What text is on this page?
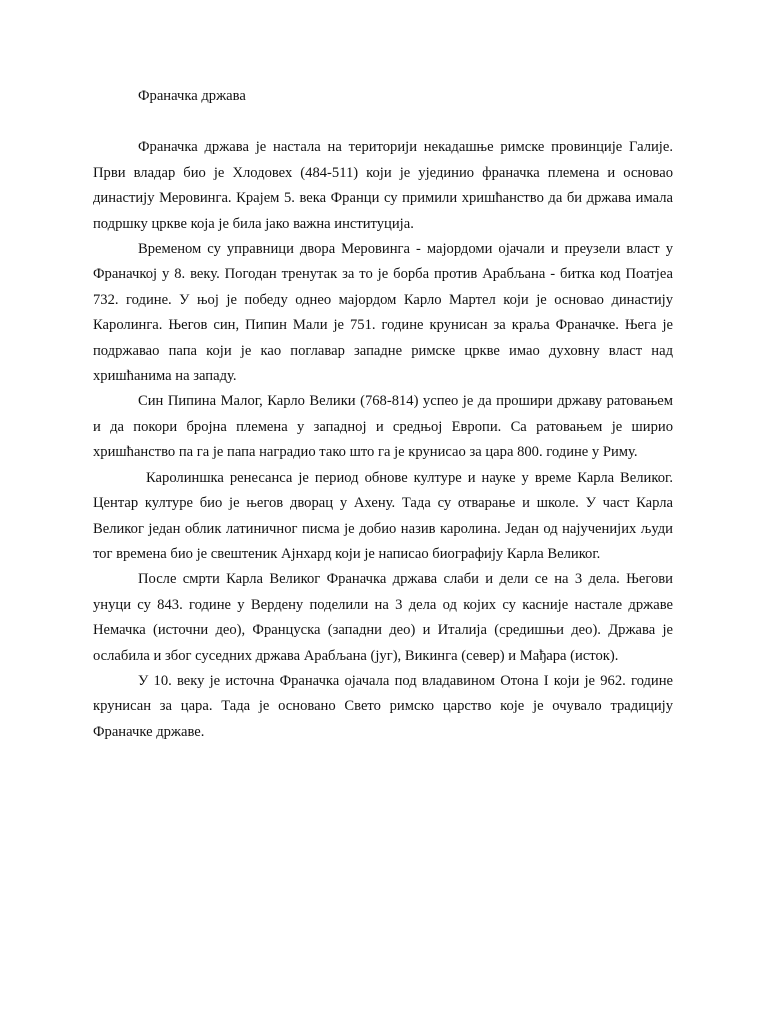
Франачка држава

Франачка држава је настала на територији некадашње римске провинције Галије. Први владар био је Хлодовех (484-511) који је ујединио франачка племена и основао династију Меровинга. Крајем 5. века Франци су примили хришћанство да би држава имала подршку цркве која је била јако важна институција.

Временом су управници двора Меровинга - мајордоми ојачали и преузели власт у Франачкој у 8. веку. Погодан тренутак за то је борба против Арабљана - битка код Поатјеа 732. године. У њој је победу однео мајордом Карло Мартел који је основао династију Каролинга. Његов син, Пипин Мали је 751. године крунисан за краља Франачке. Њега је подржавао папа који је као поглавар западне римске цркве имао духовну власт над хришћанима на западу.

Син Пипина Малог, Карло Велики (768-814) успео је да прошири државу ратовањем и да покори бројна племена у западној и средњој Европи. Са ратовањем је ширио хришћанство па га је папа наградио тако што га је крунисао за цара 800. године у Риму.

Каролиншка ренесанса је период обнове културе и науке у време Карла Великог. Центар културе био је његов дворац у Ахену. Тада су отварање и школе. У част Карла Великог један облик латиничног писма је добио назив каролина. Један од најученијих људи тог времена био је свештеник Ајнхард који је написао биографију Карла Великог.

После смрти Карла Великог Франачка држава слаби и дели се на 3 дела. Његови унуци су 843. године у Вердену поделили на 3 дела од којих су касније настале државе Немачка (источни део), Француска (западни део) и Италија (средишњи део). Држава је ослабила и због суседних држава Арабљана (југ), Викинга (север) и Мађара (исток).

У 10. веку је источна Франачка ојачала под владавином Отона I који је 962. године крунисан за цара. Тада је основано Свето римско царство које је очувало традицију Франачке државе.
